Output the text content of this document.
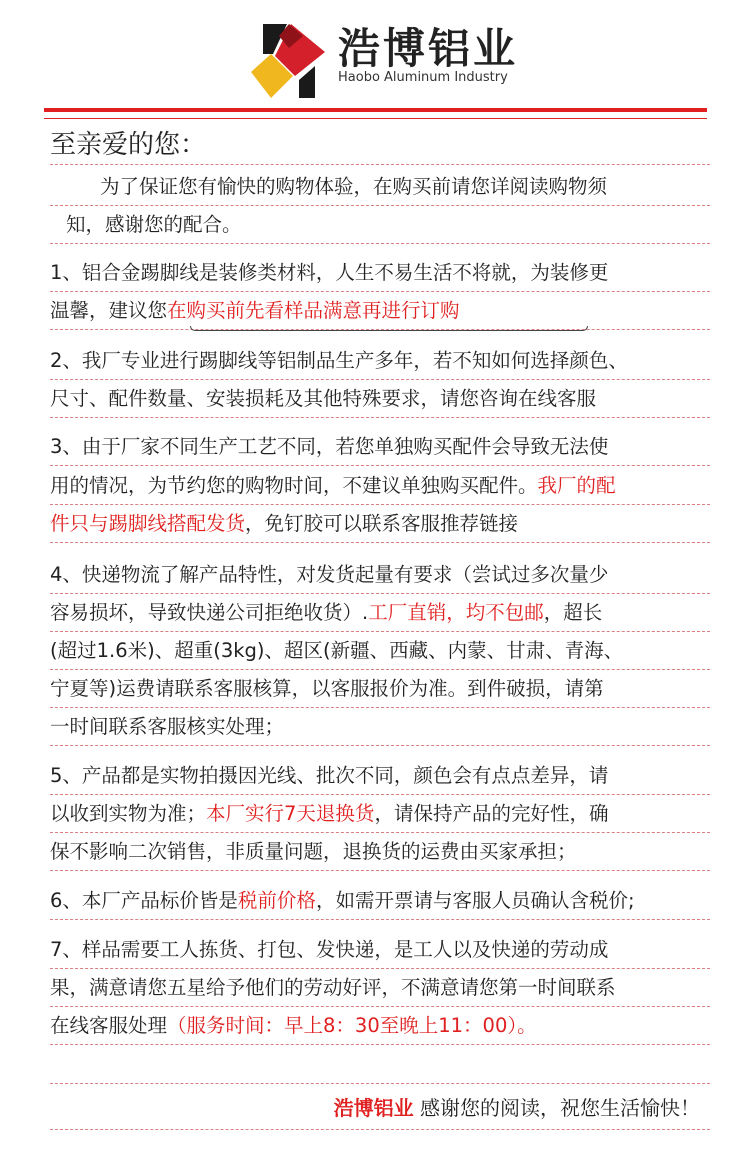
浩博铝业
Haobo Aluminum Industry
至亲爱的您：
为了保证您有愉快的购物体验，在购买前请您详阅读购物须
知，感谢您的配合。
1、铝合金踢脚线是装修类材料，人生不易生活不将就，为装修更
温馨，建议您在购买前先看样品满意再进行订购
2、我厂专业进行踢脚线等铝制品生产多年，若不知如何选择颜色、
尺寸、配件数量、安装损耗及其他特殊要求，请您咨询在线客服
3、由于厂家不同生产工艺不同，若您单独购买配件会导致无法使
用的情况，为节约您的购物时间，不建议单独购买配件。我厂的配
件只与踢脚线搭配发货，免钉胶可以联系客服推荐链接
4、快递物流了解产品特性，对发货起量有要求（尝试过多次量少
容易损坏，导致快递公司拒绝收货）.工厂直销，均不包邮，超长
(超过1.6米)、超重(3kg)、超区(新疆、西藏、内蒙、甘肃、青海、
宁夏等)运费请联系客服核算，以客服报价为准。到件破损，请第
一时间联系客服核实处理；
5、产品都是实物拍摄因光线、批次不同，颜色会有点点差异，请
以收到实物为准；本厂实行7天退换货，请保持产品的完好性，确
保不影响二次销售，非质量问题，退换货的运费由买家承担；
6、本厂产品标价皆是税前价格，如需开票请与客服人员确认含税价;
7、样品需要工人拣货、打包、发快递，是工人以及快递的劳动成
果，满意请您五星给予他们的劳动好评，不满意请您第一时间联系
在线客服处理（服务时间：早上8：30至晚上11：00）。
浩博铝业 感谢您的阅读，祝您生活愉快！
